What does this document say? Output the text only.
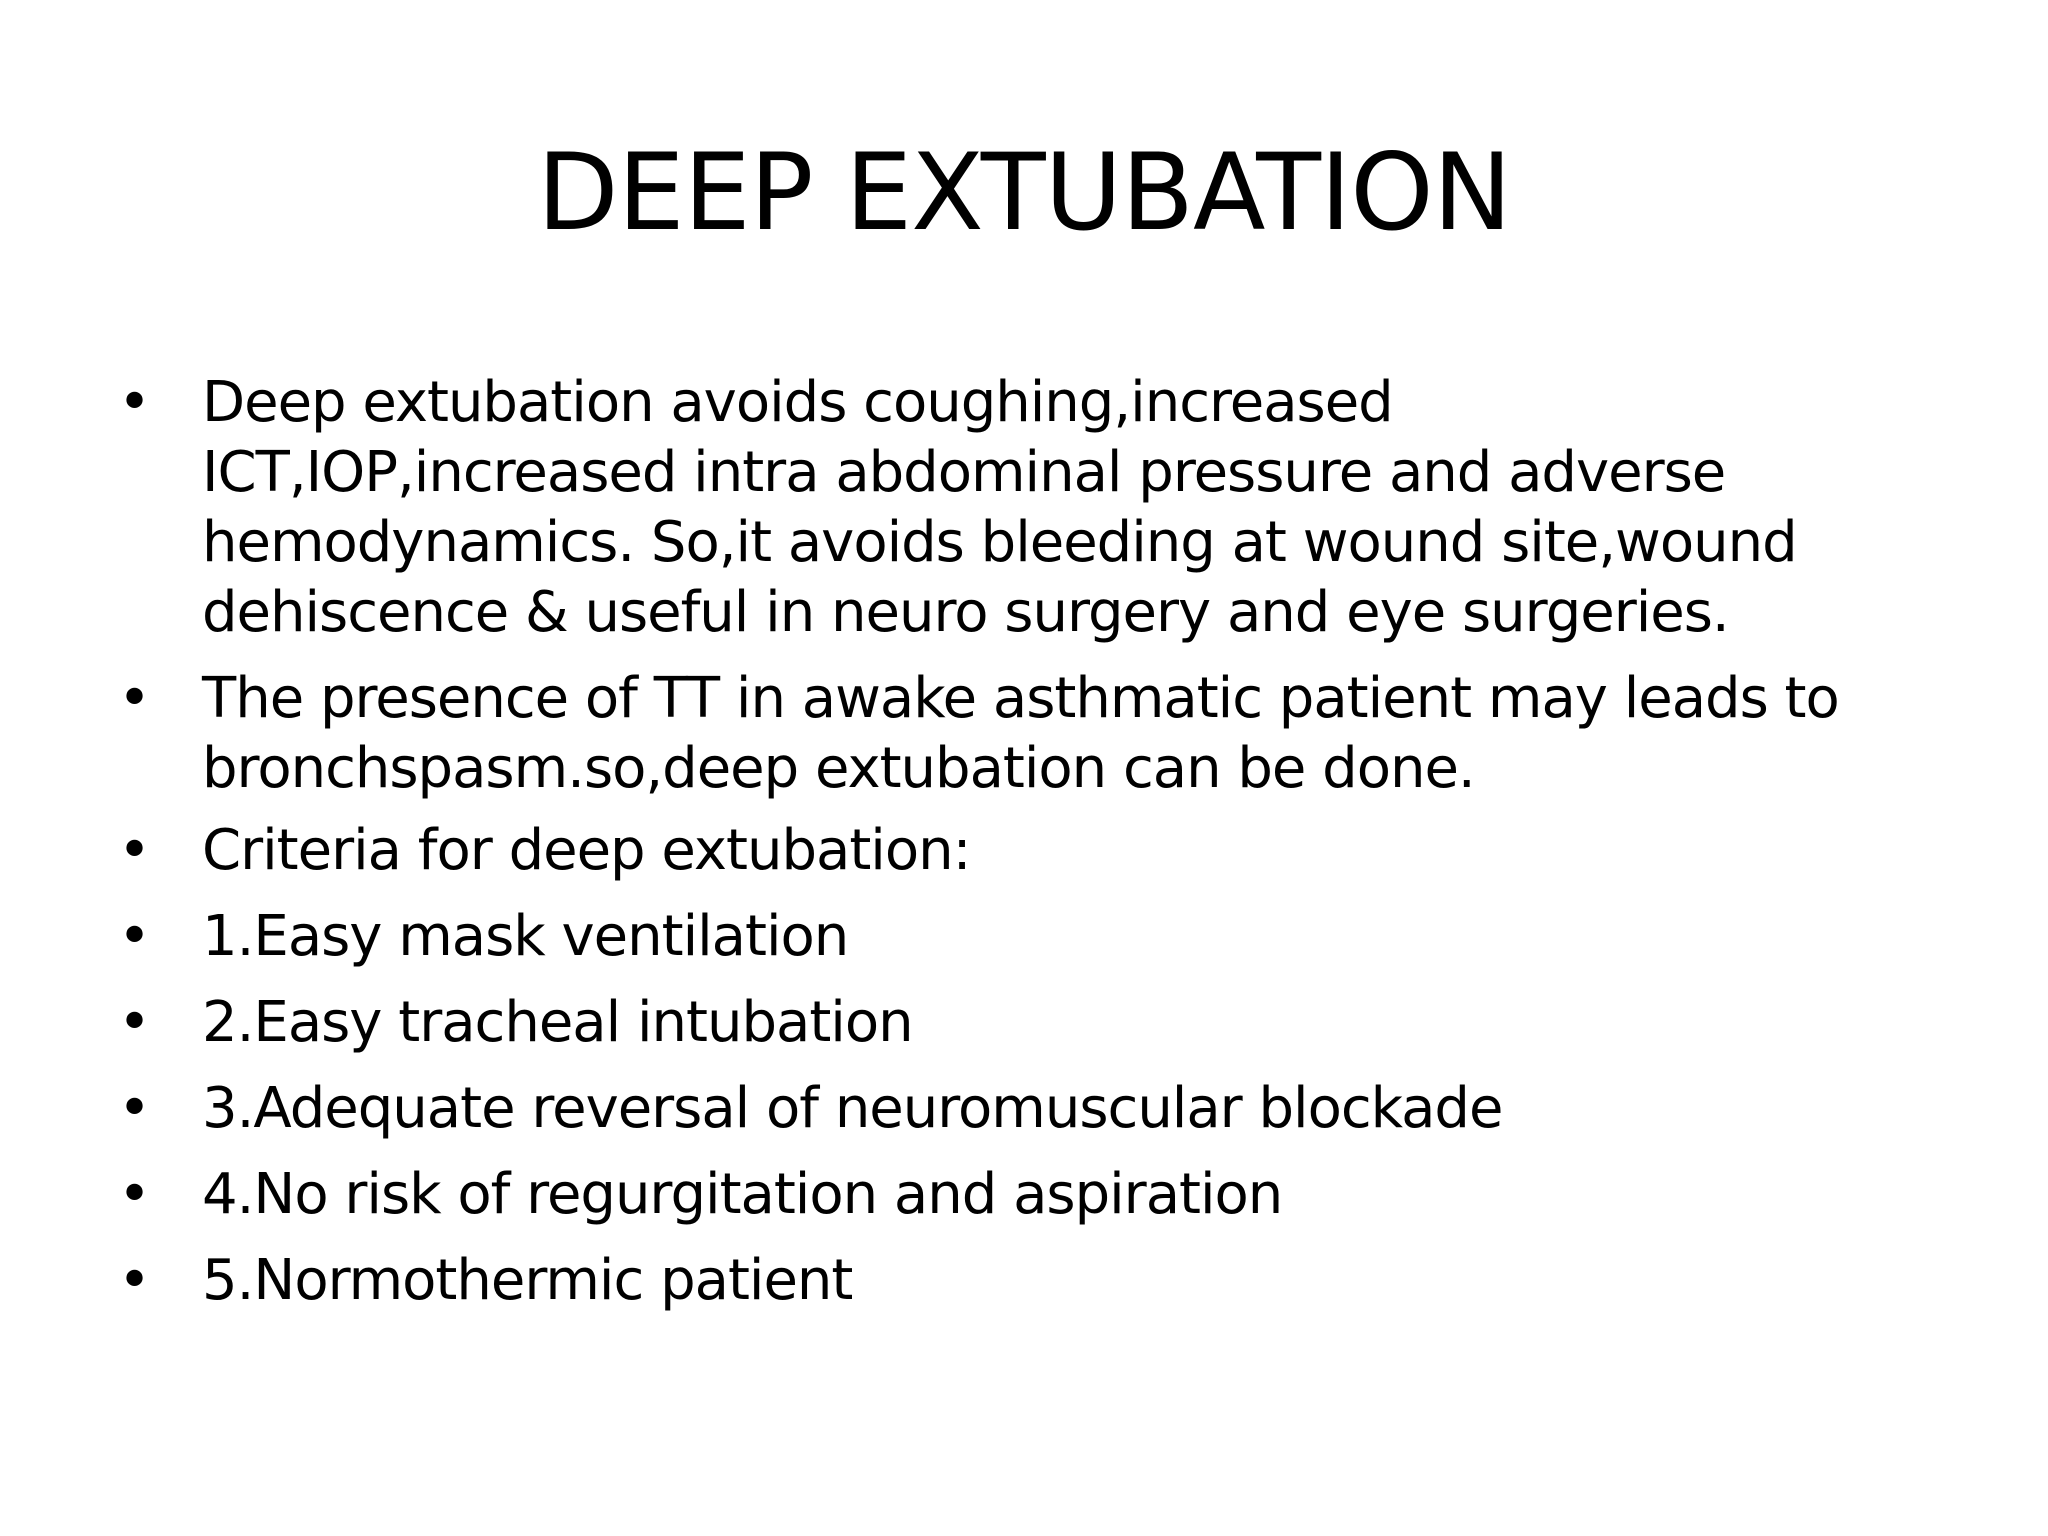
DEEP EXTUBATION
• Deep extubation avoids coughing,increased
ICT,IOP,increased intra abdominal pressure and adverse
hemodynamics. So,it avoids bleeding at wound site,wound
dehiscence & useful in neuro surgery and eye surgeries.
• The presence of TT in awake asthmatic patient may leads to
bronchspasm.so,deep extubation can be done.
• Criteria for deep extubation:
• 1.Easy mask ventilation
• 2.Easy tracheal intubation
• 3.Adequate reversal of neuromuscular blockade
• 4.No risk of regurgitation and aspiration
• 5.Normothermic patient
